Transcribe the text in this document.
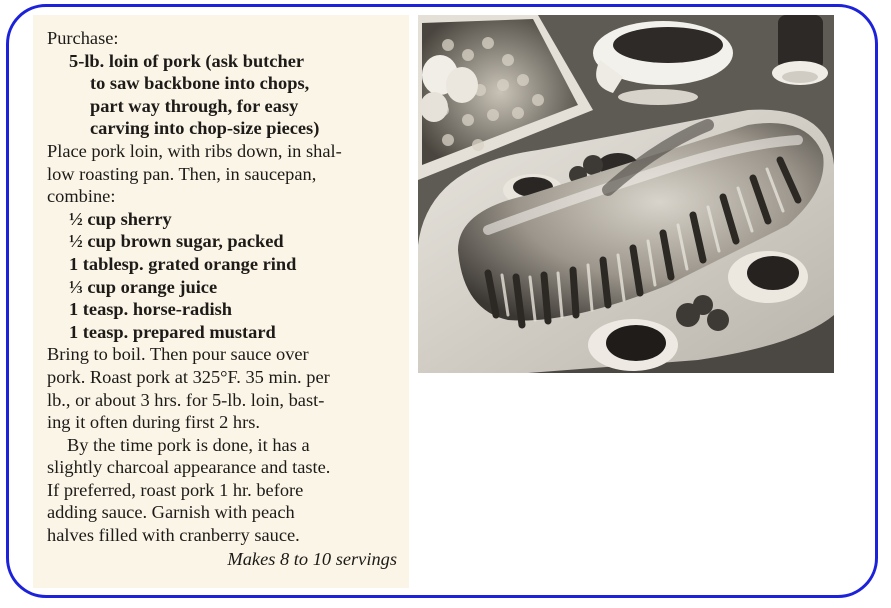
Purchase:

5-lb. loin of pork (ask butcher

to saw backbone into chops,

part way through, for easy

carving into chop-size pieces)

Place pork loin, with ribs down, in shal-

low roasting pan. Then, in saucepan,

combine:

½ cup sherry

½ cup brown sugar, packed

1 tablesp. grated orange rind

⅓ cup orange juice

1 teasp. horse-radish

1 teasp. prepared mustard

Bring to boil. Then pour sauce over

pork. Roast pork at 325°F. 35 min. per

lb., or about 3 hrs. for 5-lb. loin, bast-

ing it often during first 2 hrs.

By the time pork is done, it has a

slightly charcoal appearance and taste.

If preferred, roast pork 1 hr. before

adding sauce. Garnish with peach

halves filled with cranberry sauce.

Makes 8 to 10 servings
